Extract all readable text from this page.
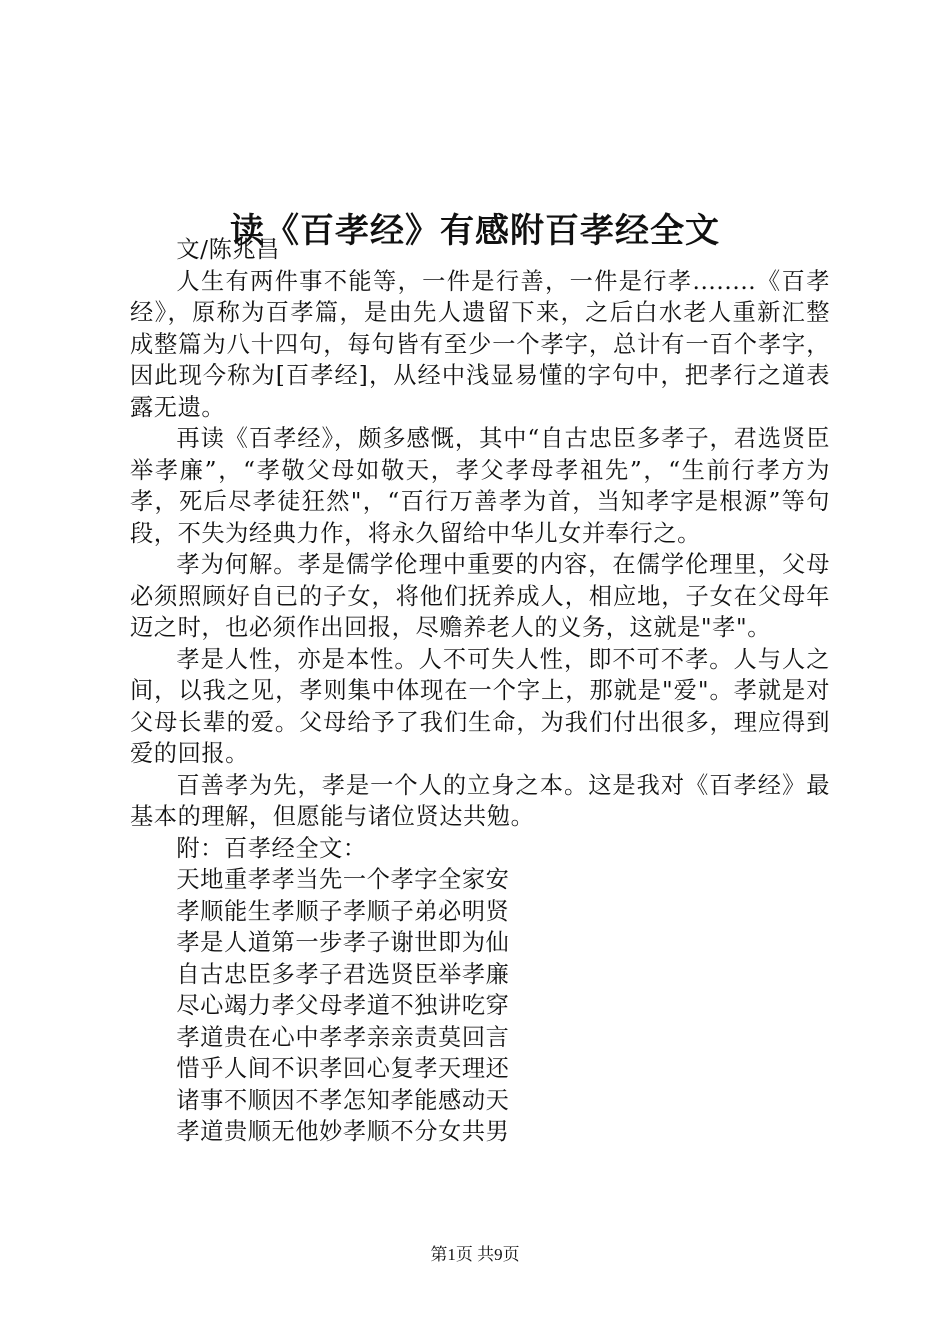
读《百孝经》有感附百孝经全文

文/陈兆昌

人生有两件事不能等，一件是行善，一件是行孝........《百孝经》，原称为百孝篇，是由先人遗留下来，之后白水老人重新汇整成整篇为八十四句，每句皆有至少一个孝字，总计有一百个孝字，因此现今称为[百孝经]，从经中浅显易懂的字句中，把孝行之道表露无遗。

再读《百孝经》，颇多感慨，其中“自古忠臣多孝子，君选贤臣举孝廉”，“孝敬父母如敬天，孝父孝母孝祖先”，“生前行孝方为孝，死后尽孝徒狂然"，“百行万善孝为首，当知孝字是根源”等句段，不失为经典力作，将永久留给中华儿女并奉行之。

孝为何解。孝是儒学伦理中重要的内容，在儒学伦理里，父母必须照顾好自已的子女，将他们抚养成人，相应地，子女在父母年迈之时，也必须作出回报，尽赡养老人的义务，这就是"孝"。

孝是人性，亦是本性。人不可失人性，即不可不孝。人与人之间，以我之见，孝则集中体现在一个字上，那就是"爱"。孝就是对父母长辈的爱。父母给予了我们生命，为我们付出很多，理应得到爱的回报。

百善孝为先，孝是一个人的立身之本。这是我对《百孝经》最基本的理解，但愿能与诸位贤达共勉。

附：百孝经全文：

天地重孝孝当先一个孝字全家安
孝顺能生孝顺子孝顺子弟必明贤
孝是人道第一步孝子谢世即为仙
自古忠臣多孝子君选贤臣举孝廉
尽心竭力孝父母孝道不独讲吃穿
孝道贵在心中孝孝亲亲责莫回言
惜乎人间不识孝回心复孝天理还
诸事不顺因不孝怎知孝能感动天
孝道贵顺无他妙孝顺不分女共男
第1页 共9页
